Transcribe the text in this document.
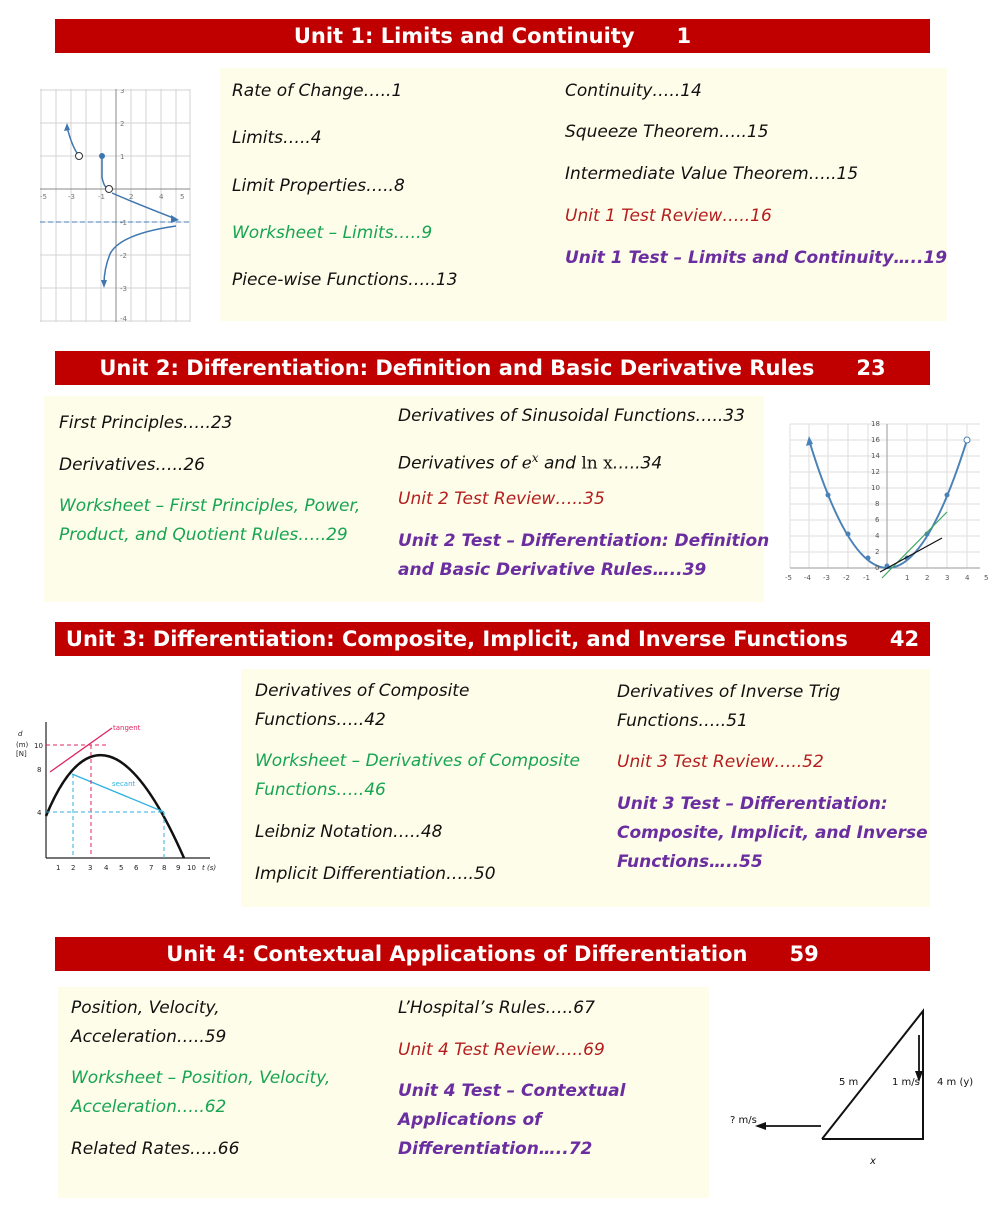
Unit 1: Limits and Continuity 1
3
2
1
-1
-2
-3
-4
-5	-3	-1	2	4 5
Rate of Change…..1
Limits…..4
Limit Properties…..8
Worksheet – Limits…..9
Piece-wise Functions…..13
Continuity…..14
Squeeze Theorem…..15
Intermediate Value Theorem…..15
Unit 1 Test Review…..16
Unit 1 Test – Limits and Continuity…..19
Unit 2: Differentiation: Definition and Basic Derivative Rules 23
First Principles…..23
Derivatives…..26
Worksheet – First Principles, Power,
Product, and Quotient Rules…..29
Derivatives of Sinusoidal Functions…..33
Derivatives of $e^x$ and ln x…..34
Unit 2 Test Review…..35
Unit 2 Test – Differentiation: Definition
and Basic Derivative Rules…..39
18
16
14
12
10
8
6
4
2
0
-5 -4 -3 -2 -1	1 2 3 4 5
Unit 3: Differentiation: Composite, Implicit, and Inverse Functions 42
tangent
secant
d
(m)
[N]
10
8
4
1 2 3 4 5 6 7 8 9 10 t (s)
Derivatives of Composite
Functions…..42
Worksheet – Derivatives of Composite
Functions…..46
Leibniz Notation…..48
Implicit Differentiation…..50
Derivatives of Inverse Trig
Functions…..51
Unit 3 Test Review…..52
Unit 3 Test – Differentiation:
Composite, Implicit, and Inverse
Functions…..55
Unit 4: Contextual Applications of Differentiation 59
Position, Velocity,
Acceleration…..59
Worksheet – Position, Velocity,
Acceleration…..62
Related Rates…..66
L’Hospital’s Rules…..67
Unit 4 Test Review…..69
Unit 4 Test – Contextual
Applications of
Differentiation…..72
5 m	1 m/s 4 m (y)
? m/s
x
